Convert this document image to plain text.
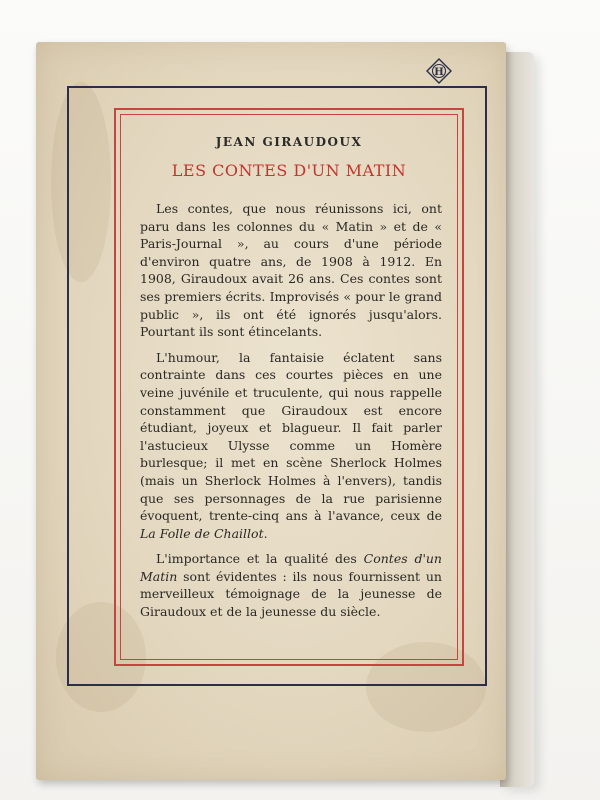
H
JEAN GIRAUDOUX
LES CONTES D'UN MATIN

Les contes, que nous réunissons ici, ont paru dans les colonnes du « Matin » et de « Paris-Journal », au cours d'une période d'environ quatre ans, de 1908 à 1912. En 1908, Giraudoux avait 26 ans. Ces contes sont ses premiers écrits. Improvisés « pour le grand public », ils ont été ignorés jusqu'alors. Pourtant ils sont étincelants.

L'humour, la fantaisie éclatent sans contrainte dans ces courtes pièces en une veine juvénile et truculente, qui nous rappelle constamment que Giraudoux est encore étudiant, joyeux et blagueur. Il fait parler l'astucieux Ulysse comme un Homère burlesque; il met en scène Sherlock Holmes (mais un Sherlock Holmes à l'envers), tandis que ses personnages de la rue parisienne évoquent, trente-cinq ans à l'avance, ceux de La Folle de Chaillot.

L'importance et la qualité des Contes d'un Matin sont évidentes : ils nous fournissent un merveilleux témoignage de la jeunesse de Giraudoux et de la jeunesse du siècle.
